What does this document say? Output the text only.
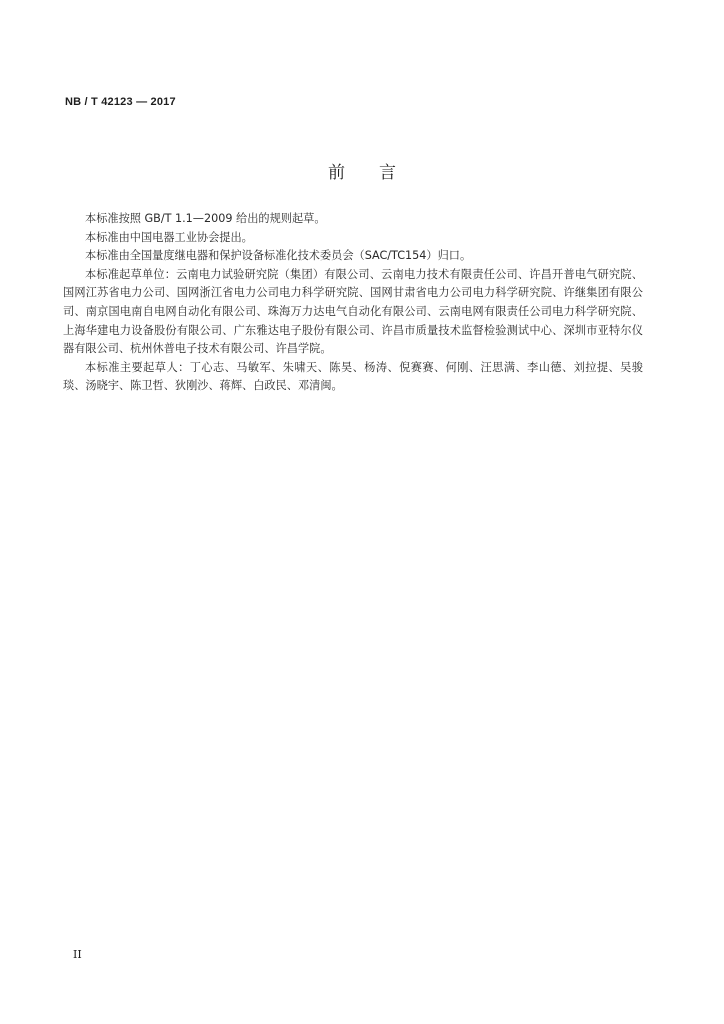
NB / T 42123 — 2017
前言

本标准按照 GB/T 1.1—2009 给出的规则起草。

本标准由中国电器工业协会提出。

本标准由全国量度继电器和保护设备标准化技术委员会（SAC/TC154）归口。

本标准起草单位：云南电力试验研究院（集团）有限公司、云南电力技术有限责任公司、许昌开普电气研究院、国网江苏省电力公司、国网浙江省电力公司电力科学研究院、国网甘肃省电力公司电力科学研究院、许继集团有限公司、南京国电南自电网自动化有限公司、珠海万力达电气自动化有限公司、云南电网有限责任公司电力科学研究院、上海华建电力设备股份有限公司、广东雅达电子股份有限公司、许昌市质量技术监督检验测试中心、深圳市亚特尔仪器有限公司、杭州休普电子技术有限公司、许昌学院。

本标准主要起草人：丁心志、马敏军、朱啸天、陈昊、杨涛、倪赛赛、何刚、汪思满、李山德、刘拉提、吴骏琰、汤晓宇、陈卫哲、狄刚沙、蒋辉、白政民、邓清闽。

II
